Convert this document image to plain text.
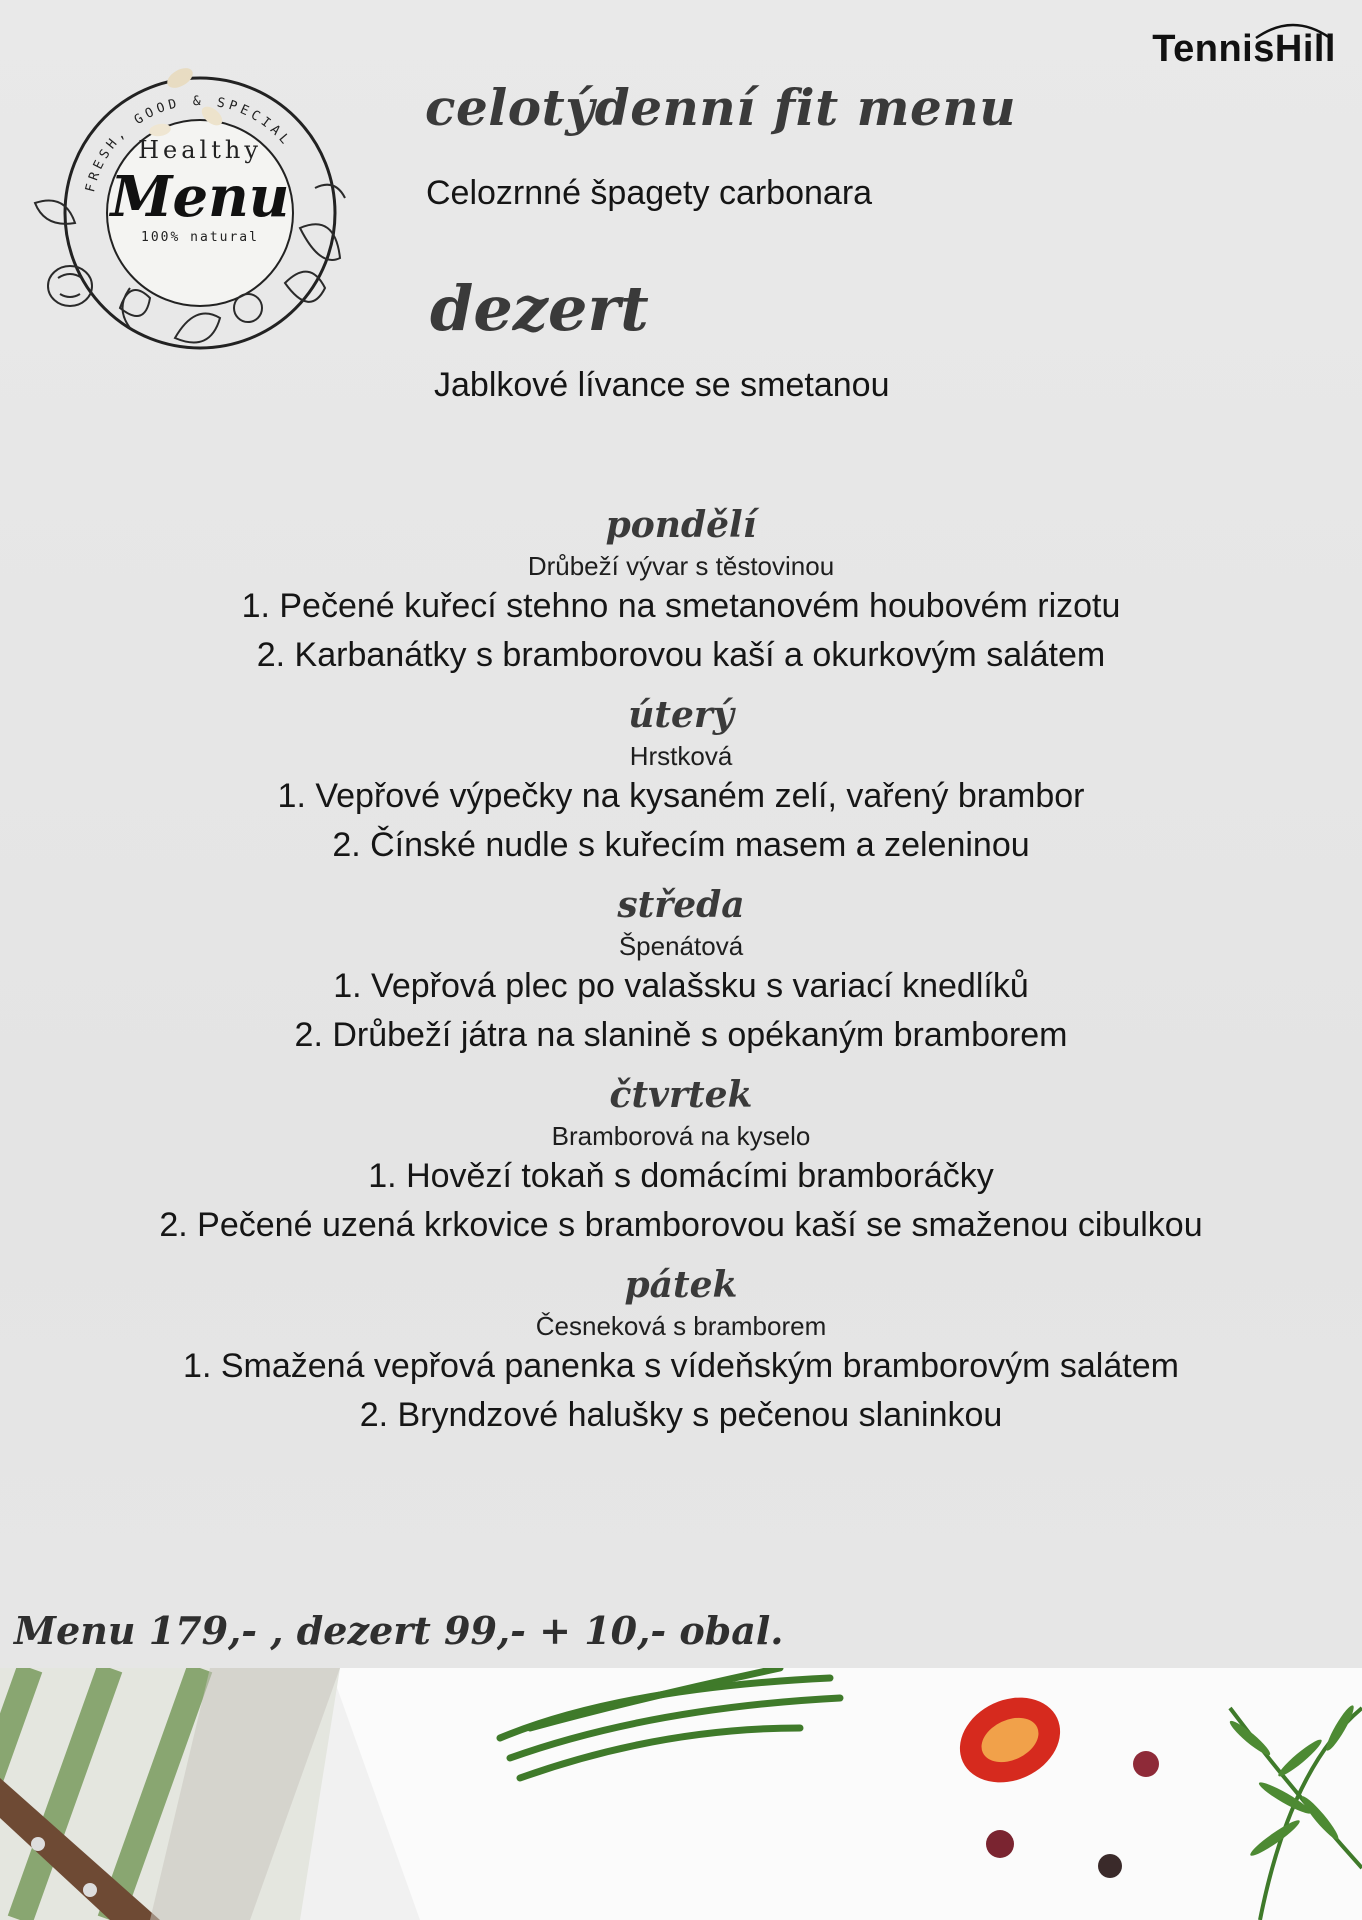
FRESH, GOOD & SPECIAL
Healthy
Menu
100% natural
TennisHill
celotýdenní fit menu
Celozrnné špagety carbonara
dezert
Jablkové lívance se smetanou
pondělí
Drůbeží vývar s těstovinou
1. Pečené kuřecí stehno na smetanovém houbovém rizotu
2. Karbanátky s bramborovou kaší a okurkovým salátem
úterý
Hrstková
1. Vepřové výpečky na kysaném zelí, vařený brambor
2. Čínské nudle s kuřecím masem a zeleninou
středa
Špenátová
1. Vepřová plec po valašsku s variací knedlíků
2. Drůbeží játra na slanině s opékaným bramborem
čtvrtek
Bramborová na kyselo
1. Hovězí tokaň s domácími bramboráčky
2. Pečené uzená krkovice s bramborovou kaší se smaženou cibulkou
pátek
Česneková s bramborem
1. Smažená vepřová panenka s vídeňským bramborovým salátem
2. Bryndzové halušky s pečenou slaninkou
Menu 179,- , dezert 99,- + 10,- obal.
